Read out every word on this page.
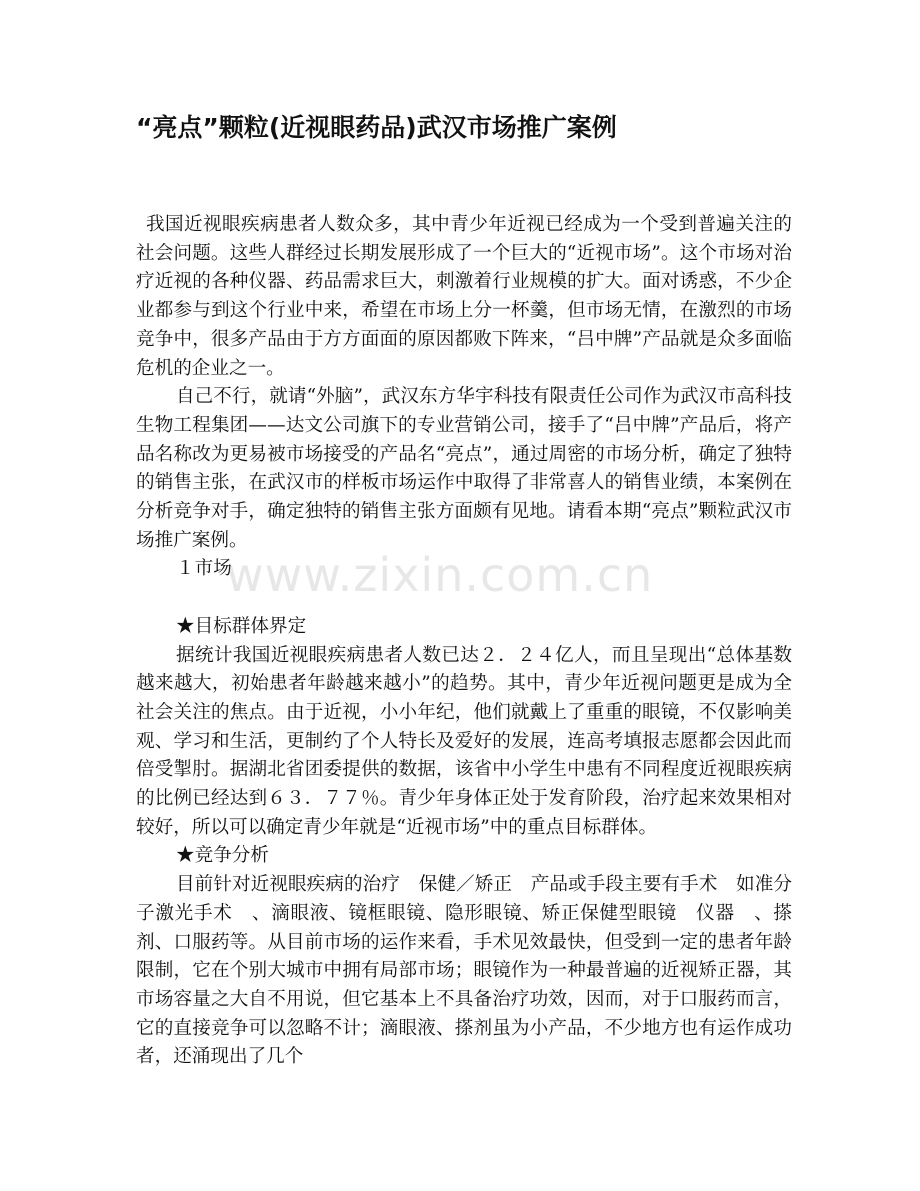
“亮点”颗粒(近视眼药品)武汉市场推广案例

我国近视眼疾病患者人数众多，其中青少年近视已经成为一个受到普遍关注的社会问题。这些人群经过长期发展形成了一个巨大的“近视市场”。这个市场对治疗近视的各种仪器、药品需求巨大，刺激着行业规模的扩大。面对诱惑，不少企业都参与到这个行业中来，希望在市场上分一杯羹，但市场无情，在激烈的市场竞争中，很多产品由于方方面面的原因都败下阵来，“吕中牌”产品就是众多面临危机的企业之一。

自己不行，就请“外脑”，武汉东方华宇科技有限责任公司作为武汉市高科技生物工程集团——达文公司旗下的专业营销公司，接手了“吕中牌”产品后，将产品名称改为更易被市场接受的产品名“亮点”，通过周密的市场分析，确定了独特的销售主张，在武汉市的样板市场运作中取得了非常喜人的销售业绩，本案例在分析竞争对手，确定独特的销售主张方面颇有见地。请看本期“亮点”颗粒武汉市场推广案例。

１市场

★目标群体界定

据统计我国近视眼疾病患者人数已达２．２４亿人，而且呈现出“总体基数越来越大，初始患者年龄越来越小”的趋势。其中，青少年近视问题更是成为全社会关注的焦点。由于近视，小小年纪，他们就戴上了重重的眼镜，不仅影响美观、学习和生活，更制约了个人特长及爱好的发展，连高考填报志愿都会因此而倍受掣肘。据湖北省团委提供的数据，该省中小学生中患有不同程度近视眼疾病的比例已经达到６３．７７％。青少年身体正处于发育阶段，治疗起来效果相对较好，所以可以确定青少年就是“近视市场”中的重点目标群体。

★竞争分析

目前针对近视眼疾病的治疗　保健／矫正　产品或手段主要有手术　如准分子激光手术　、滴眼液、镜框眼镜、隐形眼镜、矫正保健型眼镜　仪器　、搽剂、口服药等。从目前市场的运作来看，手术见效最快，但受到一定的患者年龄限制，它在个别大城市中拥有局部市场；眼镜作为一种最普遍的近视矫正器，其市场容量之大自不用说，但它基本上不具备治疗功效，因而，对于口服药而言，它的直接竞争可以忽略不计；滴眼液、搽剂虽为小产品，不少地方也有运作成功者，还涌现出了几个

www.zixin.com.cn
